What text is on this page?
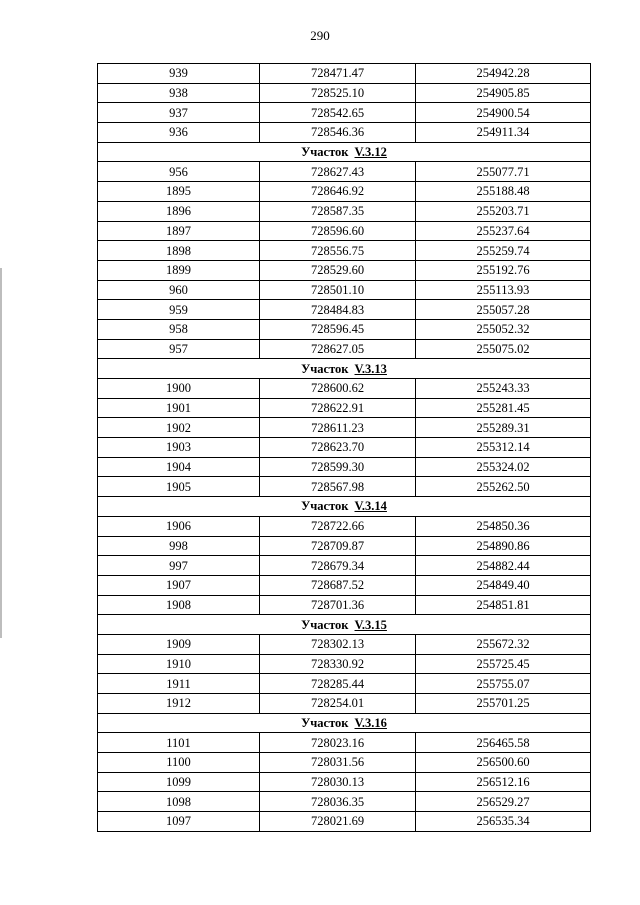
290
939	728471.47	254942.28
938	728525.10	254905.85
937	728542.65	254900.54
936	728546.36	254911.34
Участок V.3.12		
956	728627.43	255077.71
1895	728646.92	255188.48
1896	728587.35	255203.71
1897	728596.60	255237.64
1898	728556.75	255259.74
1899	728529.60	255192.76
960	728501.10	255113.93
959	728484.83	255057.28
958	728596.45	255052.32
957	728627.05	255075.02
Участок V.3.13		
1900	728600.62	255243.33
1901	728622.91	255281.45
1902	728611.23	255289.31
1903	728623.70	255312.14
1904	728599.30	255324.02
1905	728567.98	255262.50
Участок V.3.14		
1906	728722.66	254850.36
998	728709.87	254890.86
997	728679.34	254882.44
1907	728687.52	254849.40
1908	728701.36	254851.81
Участок V.3.15		
1909	728302.13	255672.32
1910	728330.92	255725.45
1911	728285.44	255755.07
1912	728254.01	255701.25
Участок V.3.16		
1101	728023.16	256465.58
1100	728031.56	256500.60
1099	728030.13	256512.16
1098	728036.35	256529.27
1097	728021.69	256535.34
